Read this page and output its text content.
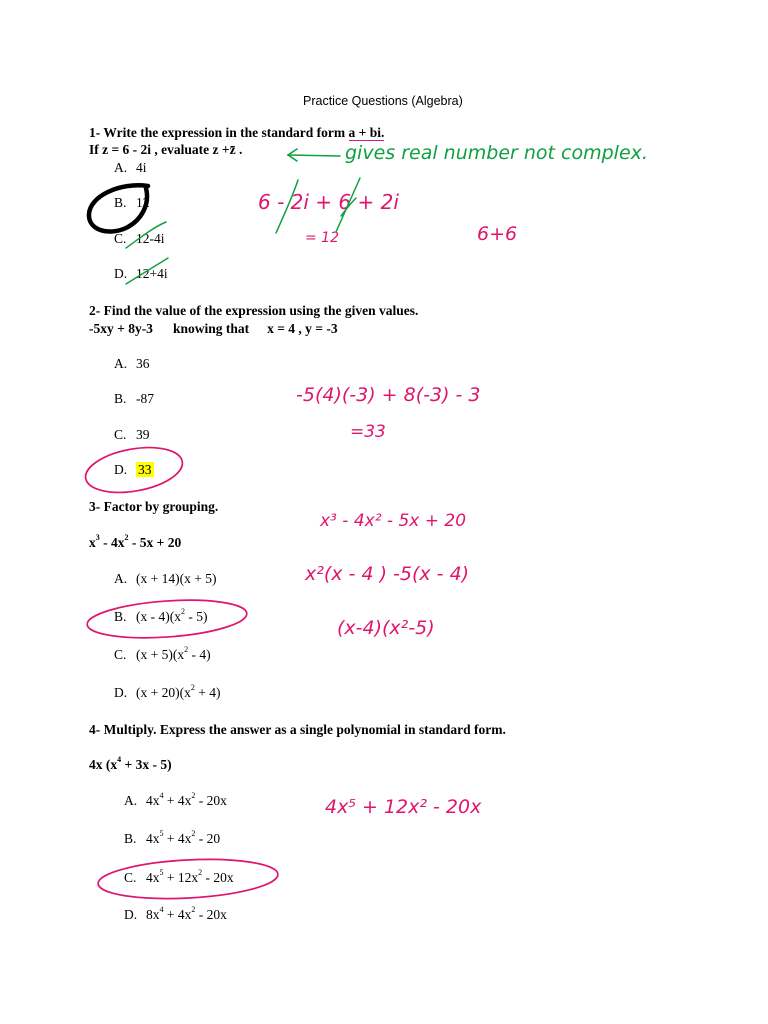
Practice Questions (Algebra)
1- Write the expression in the standard form a + bi.
If z = 6 - 2i , evaluate z +z̄ .
A. 4i
B. 12
C. 12-4i
D. 12+4i
gives real number not complex.
6 - 2i + 6 + 2i
= 12	6+6
2- Find the value of the expression using the given values.
-5xy + 8y-3 knowing that x = 4 , y = -3
A. 36
B. -87
C. 39
D. 33
-5(4)(-3) + 8(-3) - 3
=33
3- Factor by grouping.
$x^3 - 4x^2 - 5x + 20$
A. (x + 14)(x + 5)
B. $(x - 4)(x^2 - 5)$
C. $(x + 5)(x^2 - 4)$
D. $(x + 20)(x^2 + 4)$
x³ - 4x² - 5x + 20
x²(x - 4 ) -5(x - 4)
(x-4)(x²-5)
4- Multiply. Express the answer as a single polynomial in standard form.
4x $(x^4 + 3x - 5)$
A. $4x^4 + 4x^2 - 20x$
B. $4x^5 + 4x^2 - 20$
C. $4x^5 + 12x^2 - 20x$
D. $8x^4 + 4x^2 - 20x$
4x⁵ + 12x² - 20x
